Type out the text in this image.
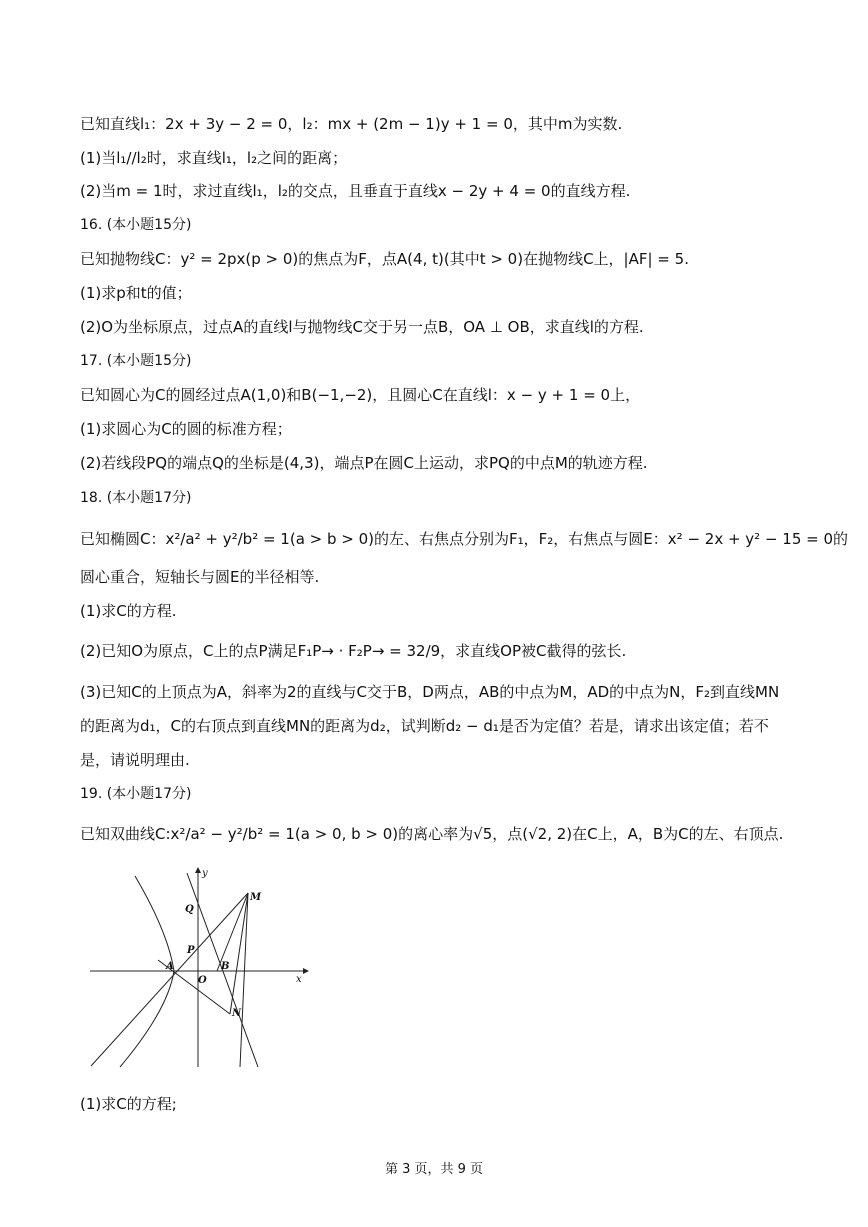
已知直线l₁：2x + 3y − 2 = 0，l₂：mx + (2m − 1)y + 1 = 0，其中m为实数.
(1)当l₁//l₂时，求直线l₁，l₂之间的距离；
(2)当m = 1时，求过直线l₁，l₂的交点，且垂直于直线x − 2y + 4 = 0的直线方程.
16. (本小题15分)
已知抛物线C：y² = 2px(p > 0)的焦点为F，点A(4, t)(其中t > 0)在抛物线C上，|AF| = 5.
(1)求p和t的值；
(2)O为坐标原点，过点A的直线l与抛物线C交于另一点B，OA ⊥ OB，求直线l的方程.
17. (本小题15分)
已知圆心为C的圆经过点A(1,0)和B(−1,−2)，且圆心C在直线l：x − y + 1 = 0上，
(1)求圆心为C的圆的标准方程；
(2)若线段PQ的端点Q的坐标是(4,3)，端点P在圆C上运动，求PQ的中点M的轨迹方程.
18. (本小题17分)
已知椭圆C：x²/a² + y²/b² = 1(a > b > 0)的左、右焦点分别为F₁，F₂，右焦点与圆E：x² − 2x + y² − 15 = 0的
圆心重合，短轴长与圆E的半径相等.
(1)求C的方程.
(2)已知O为原点，C上的点P满足F₁P→ · F₂P→ = 32/9，求直线OP被C截得的弦长.
(3)已知C的上顶点为A，斜率为2的直线与C交于B，D两点，AB的中点为M，AD的中点为N，F₂到直线MN
的距离为d₁，C的右顶点到直线MN的距离为d₂，试判断d₂ − d₁是否为定值？若是，请求出该定值；若不
是，请说明理由.
19. (本小题17分)
已知双曲线C:x²/a² − y²/b² = 1(a > 0, b > 0)的离心率为√5，点(√2, 2)在C上，A，B为C的左、右顶点.
y
x
M
Q
P
A
O
B
N
(1)求C的方程;
第 3 页，共 9 页
